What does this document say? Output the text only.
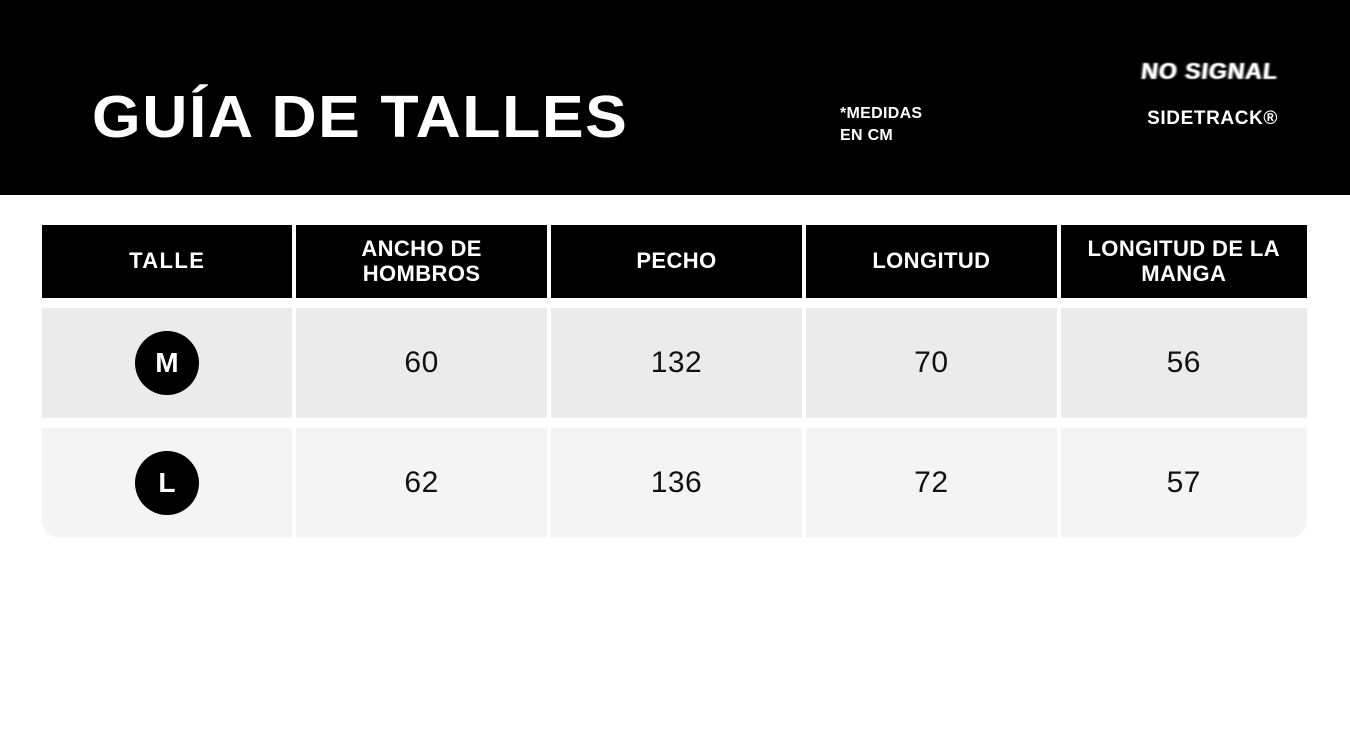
GUÍA DE TALLES	*MEDIDAS
EN CM
NO SIGNAL
SIDETRACK®
TALLE	ANCHO DE HOMBROS	PECHO	LONGITUD	LONGITUD DE LA MANGA
M	60	132	70	56
L	62	136	72	57
